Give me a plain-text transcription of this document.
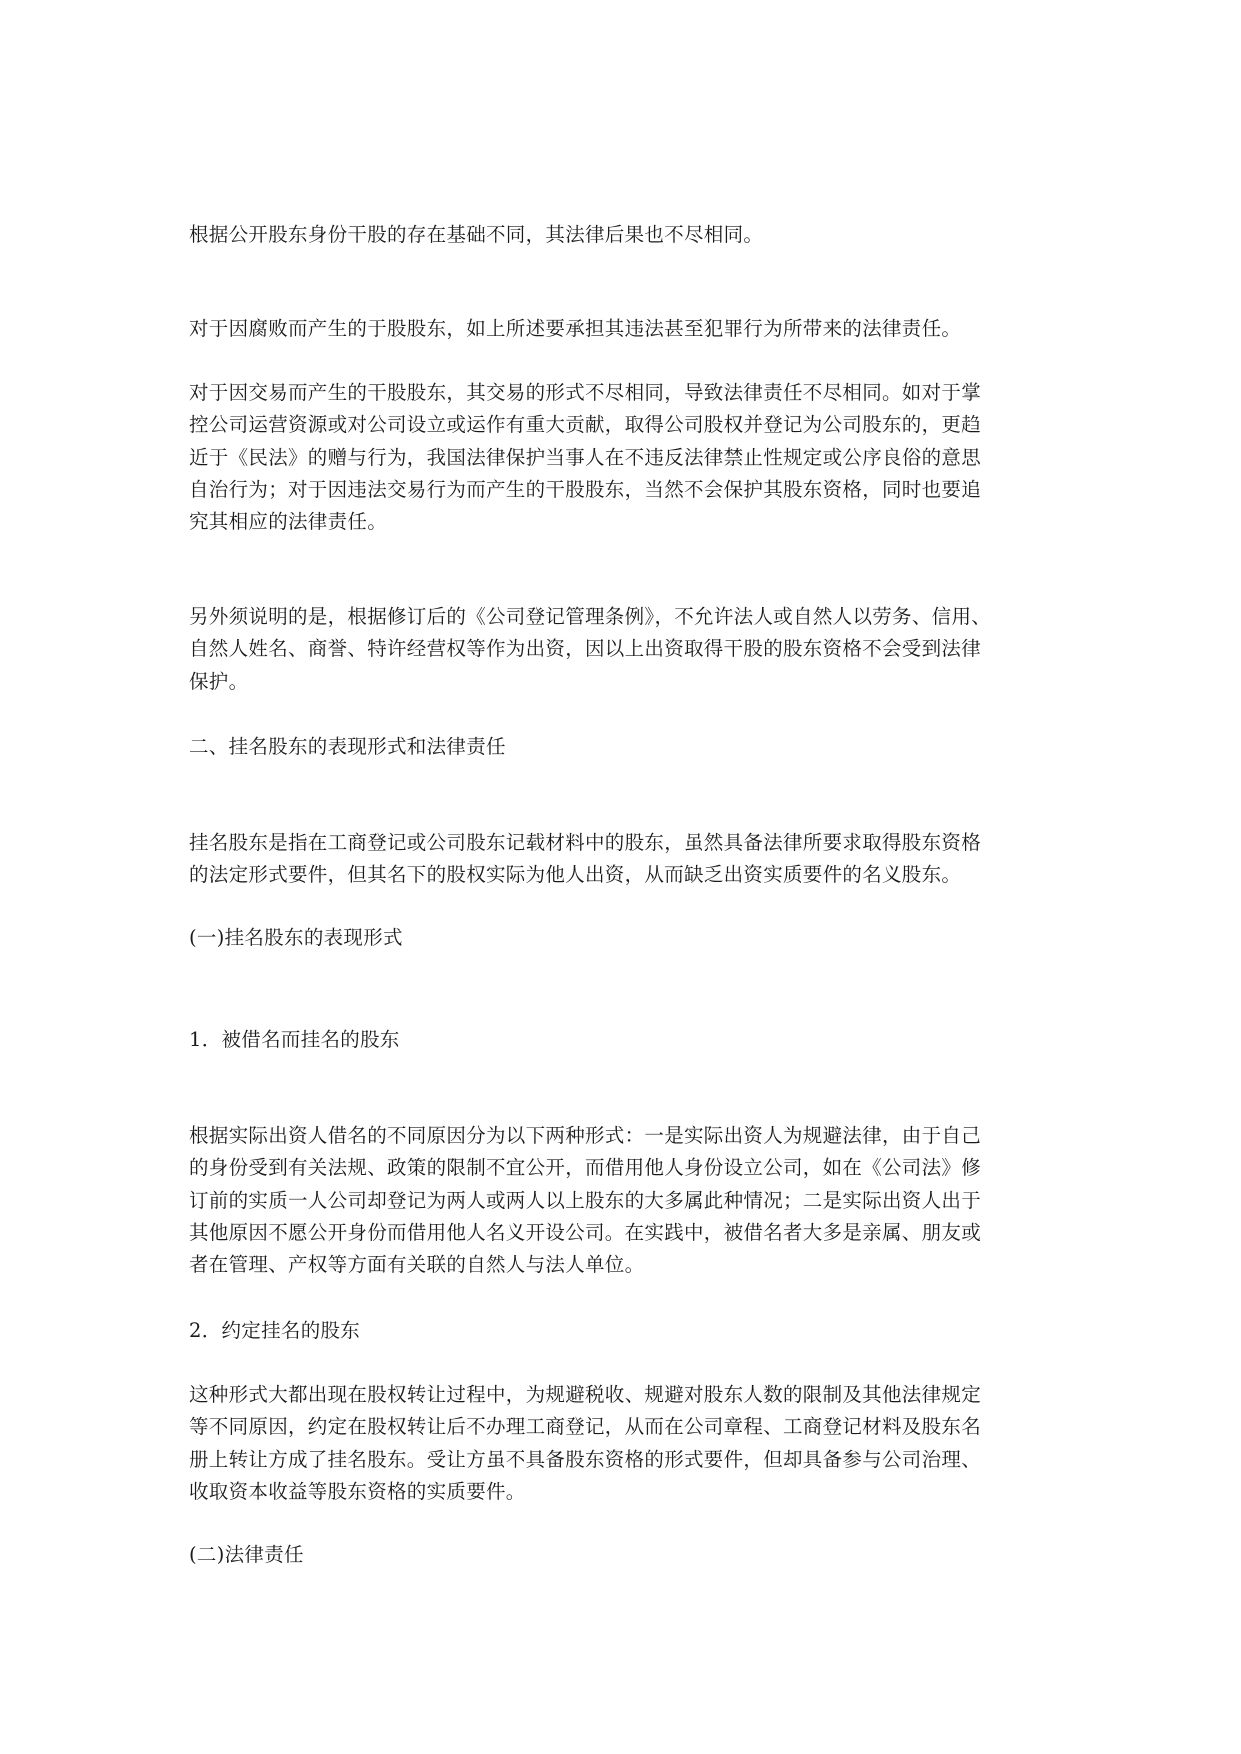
根据公开股东身份干股的存在基础不同，其法律后果也不尽相同。

对于因腐败而产生的于股股东，如上所述要承担其违法甚至犯罪行为所带来的法律责任。

对于因交易而产生的干股股东，其交易的形式不尽相同，导致法律责任不尽相同。如对于掌
控公司运营资源或对公司设立或运作有重大贡献，取得公司股权并登记为公司股东的，更趋
近于《民法》的赠与行为，我国法律保护当事人在不违反法律禁止性规定或公序良俗的意思
自治行为；对于因违法交易行为而产生的干股股东，当然不会保护其股东资格，同时也要追
究其相应的法律责任。

另外须说明的是，根据修订后的《公司登记管理条例》，不允许法人或自然人以劳务、信用、
自然人姓名、商誉、特许经营权等作为出资，因以上出资取得干股的股东资格不会受到法律
保护。

二、挂名股东的表现形式和法律责任

挂名股东是指在工商登记或公司股东记载材料中的股东，虽然具备法律所要求取得股东资格
的法定形式要件，但其名下的股权实际为他人出资，从而缺乏出资实质要件的名义股东。

(一)挂名股东的表现形式

1．被借名而挂名的股东

根据实际出资人借名的不同原因分为以下两种形式：一是实际出资人为规避法律，由于自己
的身份受到有关法规、政策的限制不宜公开，而借用他人身份设立公司，如在《公司法》修
订前的实质一人公司却登记为两人或两人以上股东的大多属此种情况；二是实际出资人出于
其他原因不愿公开身份而借用他人名义开设公司。在实践中，被借名者大多是亲属、朋友或
者在管理、产权等方面有关联的自然人与法人单位。

2．约定挂名的股东

这种形式大都出现在股权转让过程中，为规避税收、规避对股东人数的限制及其他法律规定
等不同原因，约定在股权转让后不办理工商登记，从而在公司章程、工商登记材料及股东名
册上转让方成了挂名股东。受让方虽不具备股东资格的形式要件，但却具备参与公司治理、
收取资本收益等股东资格的实质要件。

(二)法律责任
